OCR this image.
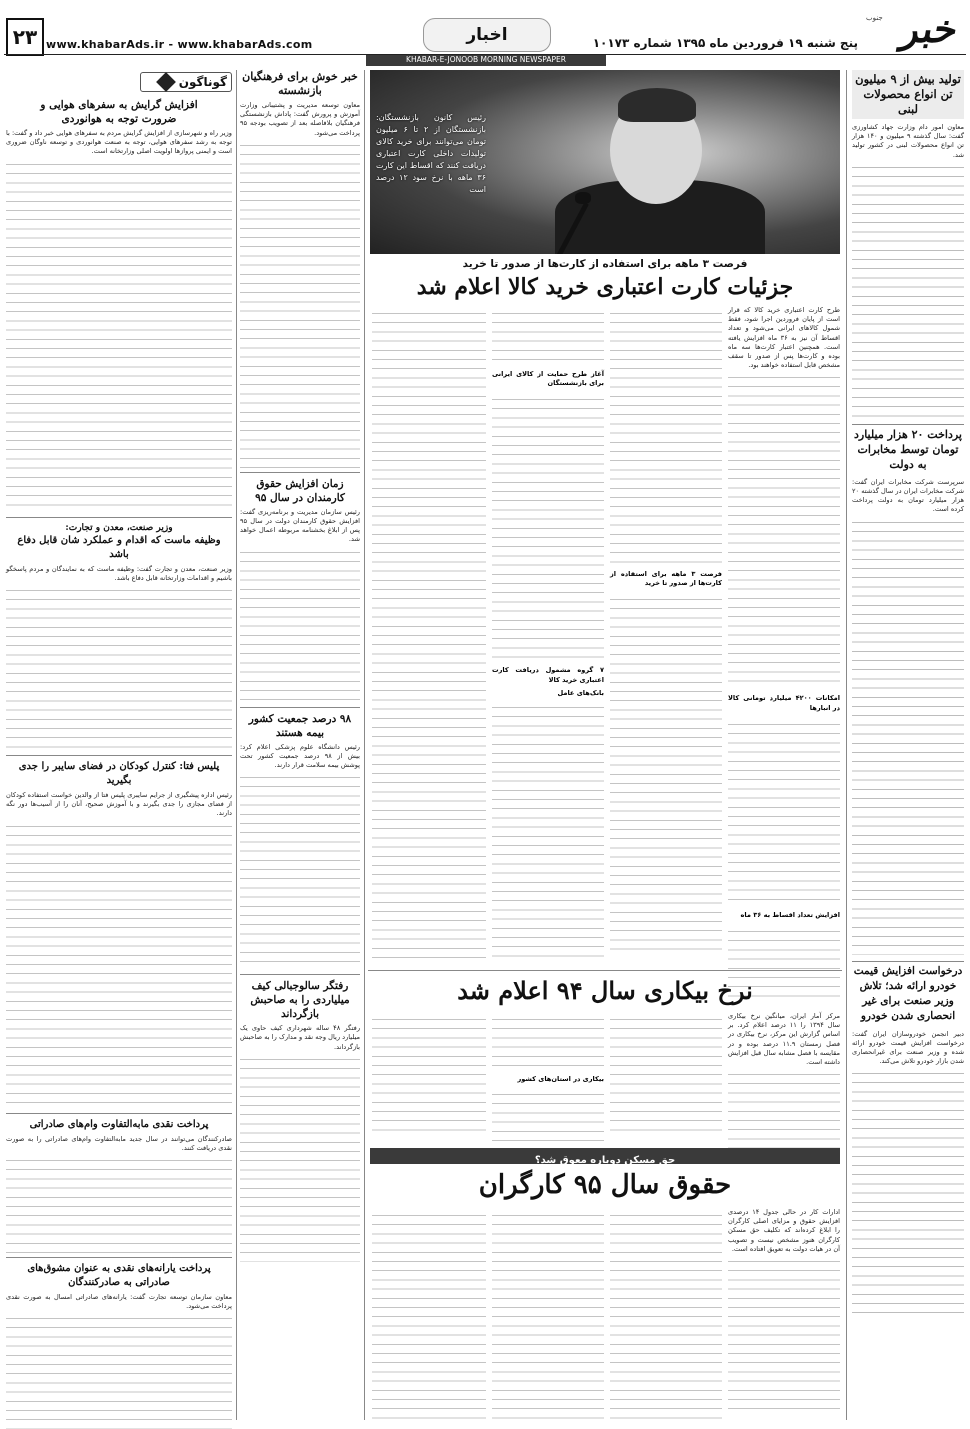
خبر
جنوب
پنج شنبه ۱۹ فروردین ماه ۱۳۹۵ شماره ۱۰۱۷۳
اخبار
www.khabarAds.ir - www.khabarAds.com
۲۳
KHABAR-E-JONOOB MORNING NEWSPAPER
تولید بیش از ۹ میلیون تن انواع محصولات لبنی
معاون امور دام وزارت جهاد کشاورزی گفت: سال گذشته ۹ میلیون و ۱۴۰ هزار تن انواع محصولات لبنی در کشور تولید شد.
پرداخت ۲۰ هزار میلیارد تومان توسط مخابرات به دولت
سرپرست شرکت مخابرات ایران گفت: شرکت مخابرات ایران در سال گذشته ۲۰ هزار میلیارد تومان به دولت پرداخت کرده است.
درخواست افزایش قیمت خودرو ارائه شد؛ تلاش وزیر صنعت برای غیر انحصاری شدن خودرو
دبیر انجمن خودروسازان ایران گفت: درخواست افزایش قیمت خودرو ارائه شده و وزیر صنعت برای غیرانحصاری شدن بازار خودرو تلاش می‌کند.
رئیس کانون بازنشستگان: بازنشستگان از ۲ تا ۶ میلیون تومان می‌توانند برای خرید کالای تولیدات داخلی کارت اعتباری دریافت کنند که اقساط این کارت ۳۶ ماهه با نرخ سود ۱۲ درصد است
فرصت ۳ ماهه برای استفاده از کارت‌ها از صدور تا خرید
جزئیات کارت اعتباری خرید کالا اعلام شد
طرح کارت اعتباری خرید کالا که قرار است از پایان فروردین اجرا شود، فقط شمول کالاهای ایرانی می‌شود و تعداد اقساط آن نیز به ۳۶ ماه افزایش یافته است. همچنین اعتبار کارت‌ها سه ماه بوده و کارت‌ها پس از صدور تا سقف مشخص قابل استفاده خواهند بود.
امکانات ۴۲۰۰ میلیارد تومانی کالا در انبارها
افزایش تعداد اقساط به ۳۶ ماه
فرصت ۳ ماهه برای استفاده از کارت‌ها از صدور تا خرید
آغاز طرح حمایت از کالای ایرانی برای بازنشستگان
۷ گروه مشمول دریافت کارت اعتباری خرید کالا
بانک‌های عامل
نرخ بیکاری سال ۹۴ اعلام شد
مرکز آمار ایران، میانگین نرخ بیکاری سال ۱۳۹۴ را ۱۱ درصد اعلام کرد. بر اساس گزارش این مرکز، نرخ بیکاری در فصل زمستان ۱۱.۹ درصد بوده و در مقایسه با فصل مشابه سال قبل افزایش داشته است.
بیکاری در استان‌های کشور
حق مسکن دوباره معوق شد؟
حقوق سال ۹۵ کارگران
ادارات کار در حالی جدول ۱۴ درصدی افزایش حقوق و مزایای اصلی کارگران را ابلاغ کرده‌اند که تکلیف حق مسکن کارگران هنوز مشخص نیست و تصویب آن در هیات دولت به تعویق افتاده است.
خبر خوش برای فرهنگیان بازنشسته
معاون توسعه مدیریت و پشتیبانی وزارت آموزش و پرورش گفت: پاداش بازنشستگی فرهنگیان بلافاصله بعد از تصویب بودجه ۹۵ پرداخت می‌شود.
زمان افزایش حقوق کارمندان در سال ۹۵
رئیس سازمان مدیریت و برنامه‌ریزی گفت: افزایش حقوق کارمندان دولت در سال ۹۵ پس از ابلاغ بخشنامه مربوطه اعمال خواهد شد.
۹۸ درصد جمعیت کشور بیمه هستند
رئیس دانشگاه علوم پزشکی اعلام کرد: بیش از ۹۸ درصد جمعیت کشور تحت پوشش بیمه سلامت قرار دارند.
رفتگر سالوجبالی کیف میلیاردی را به صاحبش بازگرداند
رفتگر ۴۸ ساله شهرداری کیف حاوی یک میلیارد ریال وجه نقد و مدارک را به صاحبش بازگرداند.
گوناگون
افزایش گرایش به سفرهای هوایی و ضرورت توجه به هوانوردی
وزیر راه و شهرسازی از افزایش گرایش مردم به سفرهای هوایی خبر داد و گفت: با توجه به رشد سفرهای هوایی، توجه به صنعت هوانوردی و توسعه ناوگان ضروری است و ایمنی پروازها اولویت اصلی وزارتخانه است.
وزیر صنعت، معدن و تجارت:
وظیفه ماست که اقدام و عملکرد شان قابل دفاع باشد
وزیر صنعت، معدن و تجارت گفت: وظیفه ماست که به نمایندگان و مردم پاسخگو باشیم و اقدامات وزارتخانه قابل دفاع باشد.
پلیس فتا: کنترل کودکان در فضای سایبر را جدی بگیرید
رئیس اداره پیشگیری از جرایم سایبری پلیس فتا از والدین خواست استفاده کودکان از فضای مجازی را جدی بگیرند و با آموزش صحیح، آنان را از آسیب‌ها دور نگه دارند.
پرداخت نقدی مابه‌التفاوت وام‌های صادراتی
صادرکنندگان می‌توانند در سال جدید مابه‌التفاوت وام‌های صادراتی را به صورت نقدی دریافت کنند.
پرداخت یارانه‌های نقدی به عنوان مشوق‌های صادراتی به صادرکنندگان
معاون سازمان توسعه تجارت گفت: یارانه‌های صادراتی امسال به صورت نقدی پرداخت می‌شود.
